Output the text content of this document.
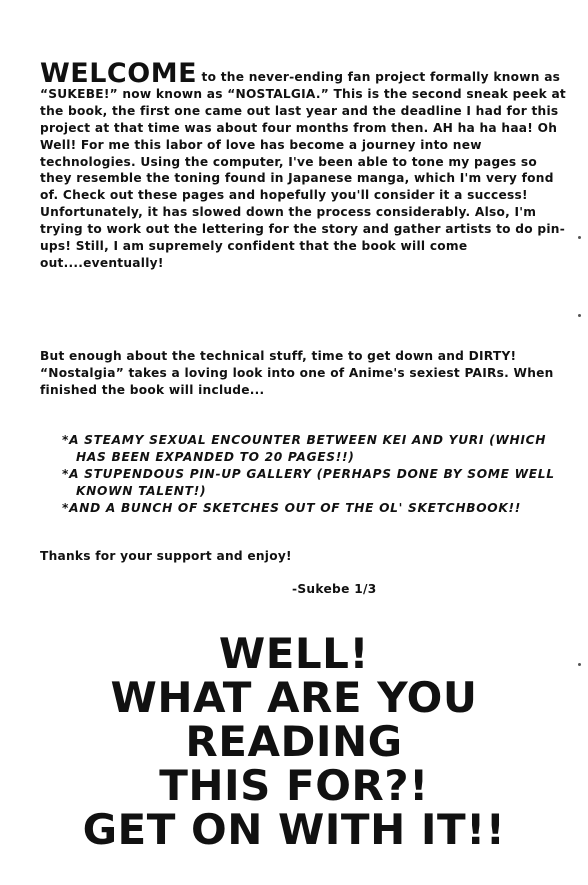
WELCOME to the never-ending fan project formally known as “SUKEBE!” now known as “NOSTALGIA.” This is the second sneak peek at the book, the first one came out last year and the deadline I had for this project at that time was about four months from then. AH ha ha haa! Oh Well! For me this labor of love has become a journey into new technologies. Using the computer, I've been able to tone my pages so they resemble the toning found in Japanese manga, which I'm very fond of. Check out these pages and hopefully you'll consider it a success! Unfortunately, it has slowed down the process considerably. Also, I'm trying to work out the lettering for the story and gather artists to do pin-ups! Still, I am supremely confident that the book will come out....eventually!

But enough about the technical stuff, time to get down and DIRTY! “Nostalgia” takes a loving look into one of Anime's sexiest PAIRs. When finished the book will include...

*A STEAMY SEXUAL ENCOUNTER BETWEEN KEI AND YURI (WHICH HAS BEEN EXPANDED TO 20 PAGES!!)
*A STUPENDOUS PIN-UP GALLERY (PERHAPS DONE BY SOME WELL KNOWN TALENT!)
*AND A BUNCH OF SKETCHES OUT OF THE OL' SKETCHBOOK!!

Thanks for your support and enjoy!

-Sukebe 1/3

WELL!
WHAT ARE YOU READING
THIS FOR?!
GET ON WITH IT!!
